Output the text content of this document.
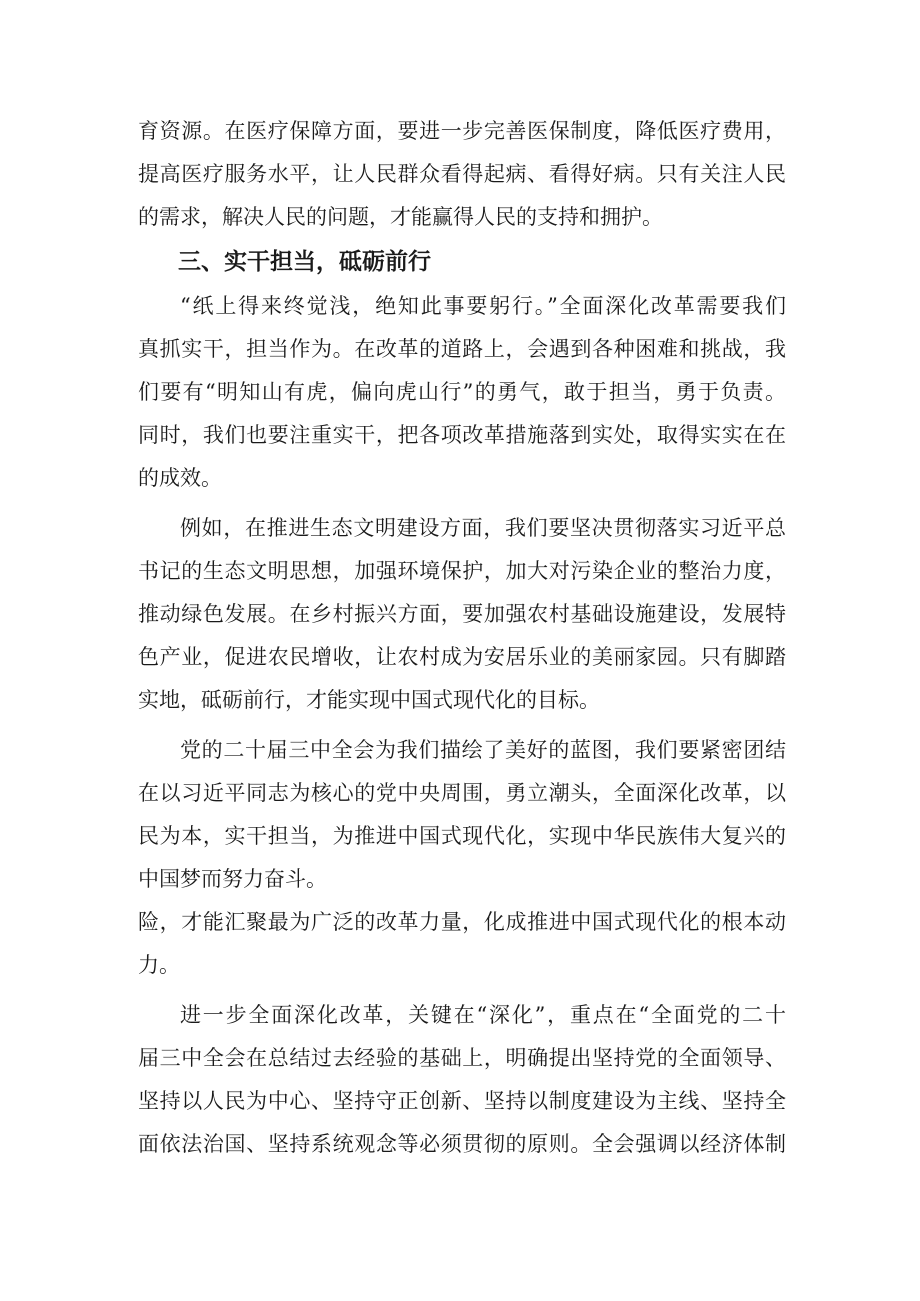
育资源。在医疗保障方面，要进一步完善医保制度，降低医疗费用，
提高医疗服务水平，让人民群众看得起病、看得好病。只有关注人民
的需求，解决人民的问题，才能赢得人民的支持和拥护。
三、实干担当，砥砺前行
“纸上得来终觉浅，绝知此事要躬行。”全面深化改革需要我们
真抓实干，担当作为。在改革的道路上，会遇到各种困难和挑战，我
们要有“明知山有虎，偏向虎山行”的勇气，敢于担当，勇于负责。
同时，我们也要注重实干，把各项改革措施落到实处，取得实实在在
的成效。
例如，在推进生态文明建设方面，我们要坚决贯彻落实习近平总
书记的生态文明思想，加强环境保护，加大对污染企业的整治力度，
推动绿色发展。在乡村振兴方面，要加强农村基础设施建设，发展特
色产业，促进农民增收，让农村成为安居乐业的美丽家园。只有脚踏
实地，砥砺前行，才能实现中国式现代化的目标。
党的二十届三中全会为我们描绘了美好的蓝图，我们要紧密团结
在以习近平同志为核心的党中央周围，勇立潮头，全面深化改革，以
民为本，实干担当，为推进中国式现代化，实现中华民族伟大复兴的
中国梦而努力奋斗。
险，才能汇聚最为广泛的改革力量，化成推进中国式现代化的根本动
力。
进一步全面深化改革，关键在“深化”，重点在“全面党的二十
届三中全会在总结过去经验的基础上，明确提出坚持党的全面领导、
坚持以人民为中心、坚持守正创新、坚持以制度建设为主线、坚持全
面依法治国、坚持系统观念等必须贯彻的原则。全会强调以经济体制
